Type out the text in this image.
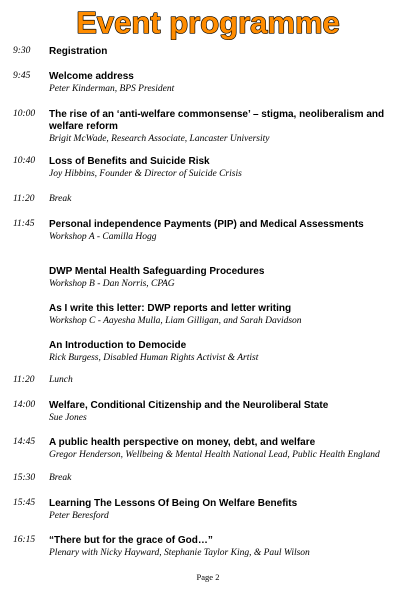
Event programme
9:30	Registration
9:45	Welcome address
Peter Kinderman, BPS President
10:00	The rise of an ‘anti-welfare commonsense’ – stigma, neoliberalism and welfare reform
Brigit McWade, Research Associate, Lancaster University
10:40	Loss of Benefits and Suicide Risk
Joy Hibbins, Founder & Director of Suicide Crisis
11:20	Break
11:45	Personal independence Payments (PIP) and Medical Assessments
Workshop A - Camilla Hogg
DWP Mental Health Safeguarding Procedures
Workshop B - Dan Norris, CPAG
As I write this letter: DWP reports and letter writing
Workshop C - Aayesha Mulla, Liam Gilligan, and Sarah Davidson
An Introduction to Democide
Rick Burgess, Disabled Human Rights Activist & Artist
11:20	Lunch
14:00	Welfare, Conditional Citizenship and the Neuroliberal State
Sue Jones
14:45	A public health perspective on money, debt, and welfare
Gregor Henderson, Wellbeing & Mental Health National Lead, Public Health England
15:30	Break
15:45	Learning The Lessons Of Being On Welfare Benefits
Peter Beresford
16:15	“There but for the grace of God…”
Plenary with Nicky Hayward, Stephanie Taylor King, & Paul Wilson
Page 2
